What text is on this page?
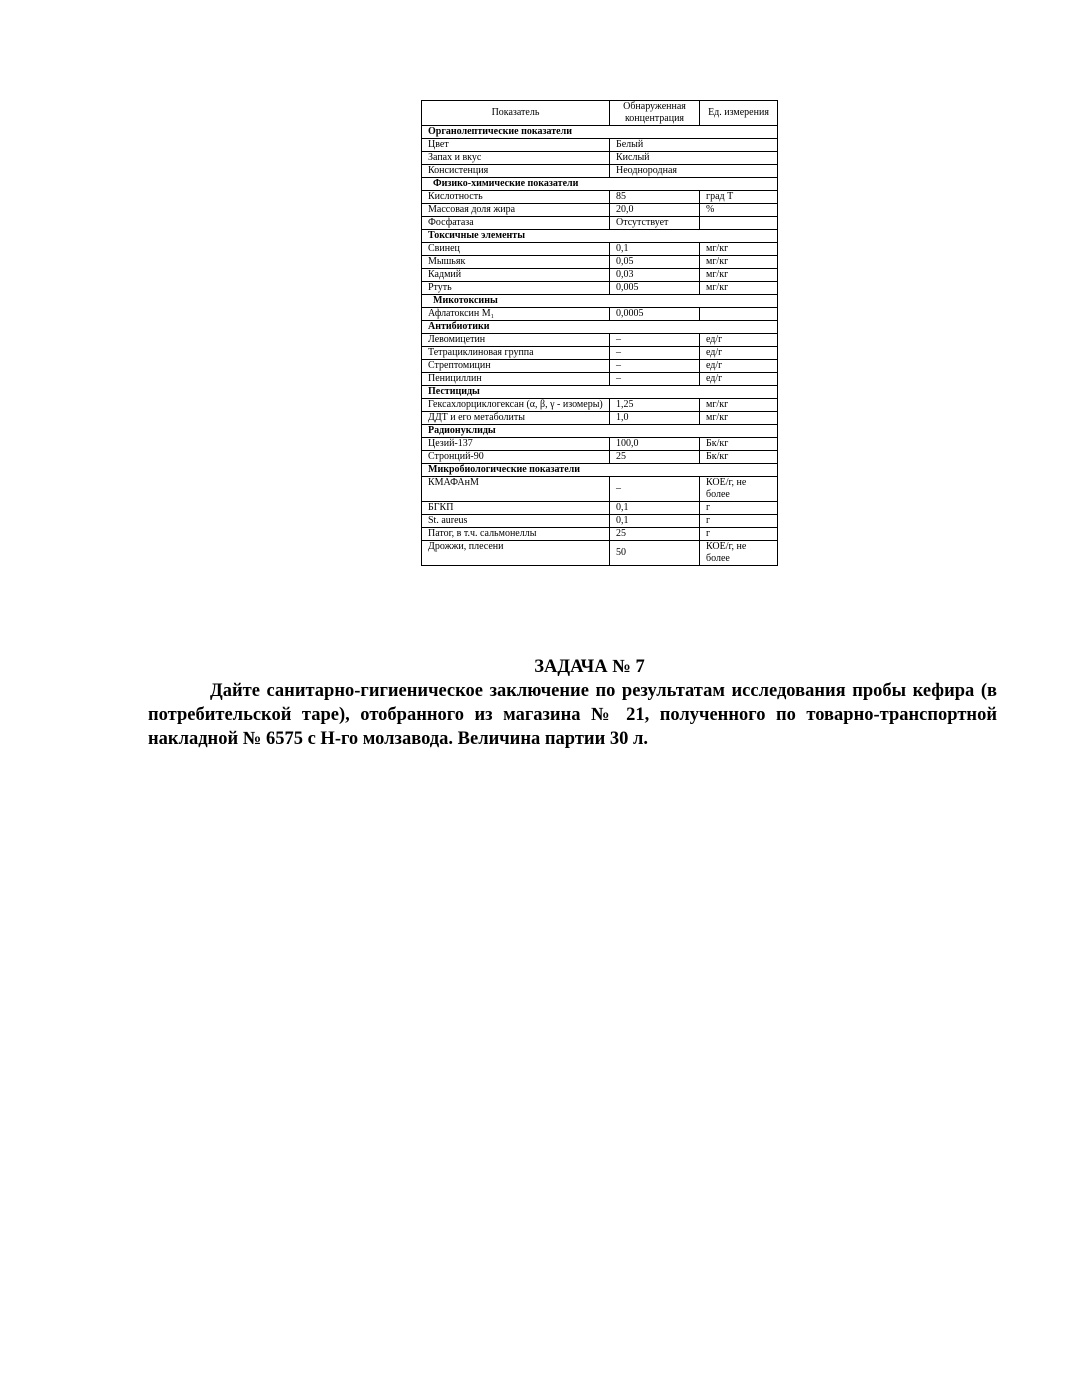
Показатель	Обнаруженная концентрация	Ед. измерения
Органолептические показатели		
Цвет	Белый	
Запах и вкус	Кислый	
Консистенция	Неоднородная	
Физико-химические показатели		
Кислотность	85	град Т
Массовая доля жира	20,0	%
Фосфатаза	Отсутствует	
Токсичные элементы		
Свинец	0,1	мг/кг
Мышьяк	0,05	мг/кг
Кадмий	0,03	мг/кг
Ртуть	0,005	мг/кг
Микотоксины		
Афлатоксин М₁	0,0005	
Антибиотики		
Левомицетин	–	ед/г
Тетрациклиновая группа	–	ед/г
Стрептомицин	–	ед/г
Пенициллин	–	ед/г
Пестициды		
Гексахлорциклогексан (α, β, γ - изомеры)	1,25	мг/кг
ДДТ и его метаболиты	1,0	мг/кг
Радионуклиды		
Цезий-137	100,0	Бк/кг
Стронций-90	25	Бк/кг
Микробиологические показатели		
КМАФАнМ	–	КОЕ/г, не более
БГКП	0,1	г
St. aureus	0,1	г
Патог, в т.ч. сальмонеллы	25	г
Дрожжи, плесени	50	КОЕ/г, не более

ЗАДАЧА № 7

Дайте санитарно-гигиеническое заключение по результатам исследования пробы кефира (в потребительской таре), отобранного из магазина № 21, полученного по товарно-транспортной накладной № 6575 с Н-го молзавода. Величина партии 30 л.
